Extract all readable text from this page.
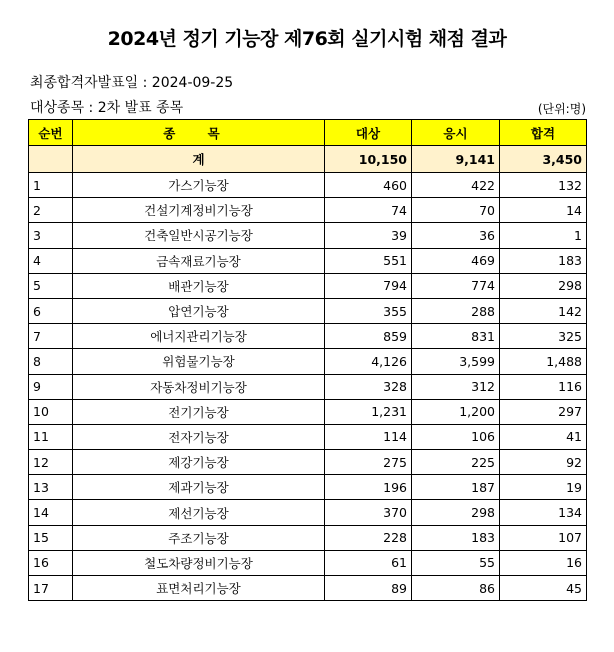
2024년 정기 기능장 제76회 실기시험 채점 결과
최종합격자발표일 : 2024-09-25
대상종목 : 2차 발표 종목	(단위:명)
순번	종 목	대상	응시	합격
	계	10,150	9,141	3,450
1	가스기능장	460	422	132
2	건설기계정비기능장	74	70	14
3	건축일반시공기능장	39	36	1
4	금속재료기능장	551	469	183
5	배관기능장	794	774	298
6	압연기능장	355	288	142
7	에너지관리기능장	859	831	325
8	위험물기능장	4,126	3,599	1,488
9	자동차정비기능장	328	312	116
10	전기기능장	1,231	1,200	297
11	전자기능장	114	106	41
12	제강기능장	275	225	92
13	제과기능장	196	187	19
14	제선기능장	370	298	134
15	주조기능장	228	183	107
16	철도차량정비기능장	61	55	16
17	표면처리기능장	89	86	45
